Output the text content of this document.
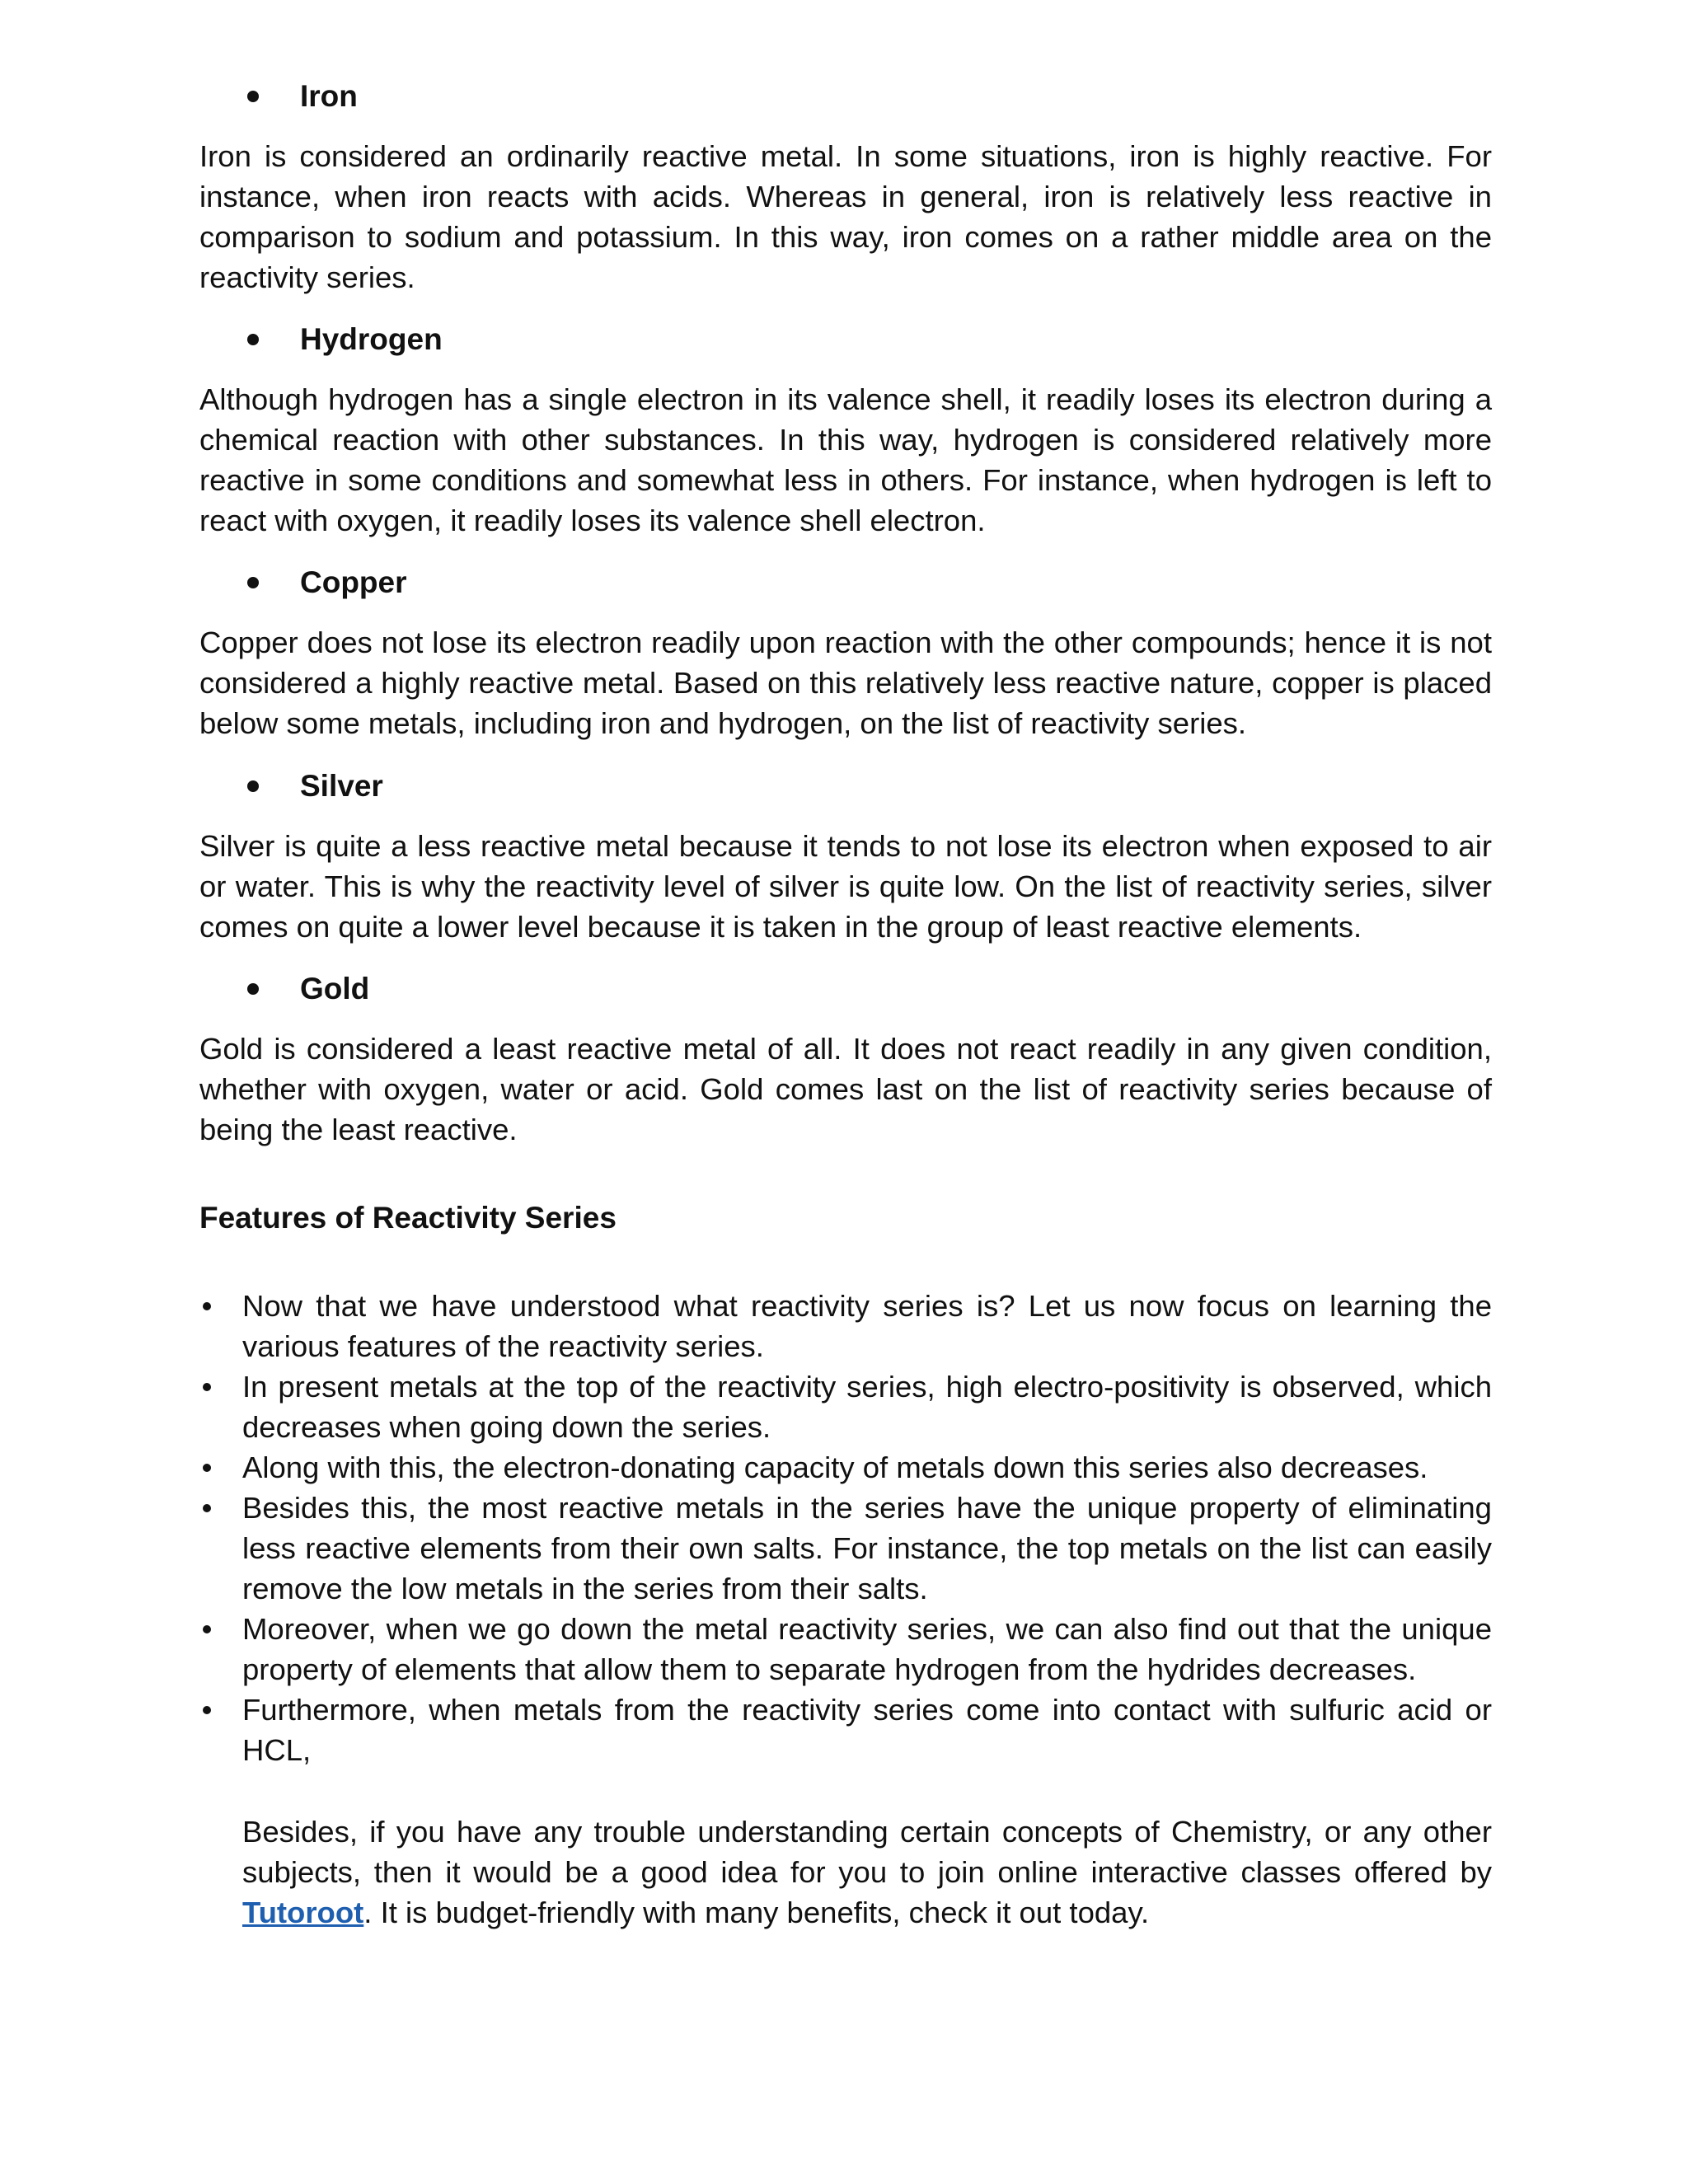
Iron

Iron is considered an ordinarily reactive metal. In some situations, iron is highly reactive. For instance, when iron reacts with acids. Whereas in general, iron is relatively less reactive in comparison to sodium and potassium. In this way, iron comes on a rather middle area on the reactivity series.

Hydrogen

Although hydrogen has a single electron in its valence shell, it readily loses its electron during a chemical reaction with other substances. In this way, hydrogen is considered relatively more reactive in some conditions and somewhat less in others. For instance, when hydrogen is left to react with oxygen, it readily loses its valence shell electron.

Copper

Copper does not lose its electron readily upon reaction with the other compounds; hence it is not considered a highly reactive metal. Based on this relatively less reactive nature, copper is placed below some metals, including iron and hydrogen, on the list of reactivity series.

Silver

Silver is quite a less reactive metal because it tends to not lose its electron when exposed to air or water. This is why the reactivity level of silver is quite low. On the list of reactivity series, silver comes on quite a lower level because it is taken in the group of least reactive elements.

Gold

Gold is considered a least reactive metal of all. It does not react readily in any given condition, whether with oxygen, water or acid. Gold comes last on the list of reactivity series because of being the least reactive.

Features of Reactivity Series
Now that we have understood what reactivity series is? Let us now focus on learning the various features of the reactivity series.
In present metals at the top of the reactivity series, high electro-positivity is observed, which decreases when going down the series.
Along with this, the electron-donating capacity of metals down this series also decreases.
Besides this, the most reactive metals in the series have the unique property of eliminating less reactive elements from their own salts. For instance, the top metals on the list can easily remove the low metals in the series from their salts.
Moreover, when we go down the metal reactivity series, we can also find out that the unique property of elements that allow them to separate hydrogen from the hydrides decreases.
Furthermore, when metals from the reactivity series come into contact with sulfuric acid or HCL,

Besides, if you have any trouble understanding certain concepts of Chemistry, or any other subjects, then it would be a good idea for you to join online interactive classes offered by Tutoroot. It is budget-friendly with many benefits, check it out today.
